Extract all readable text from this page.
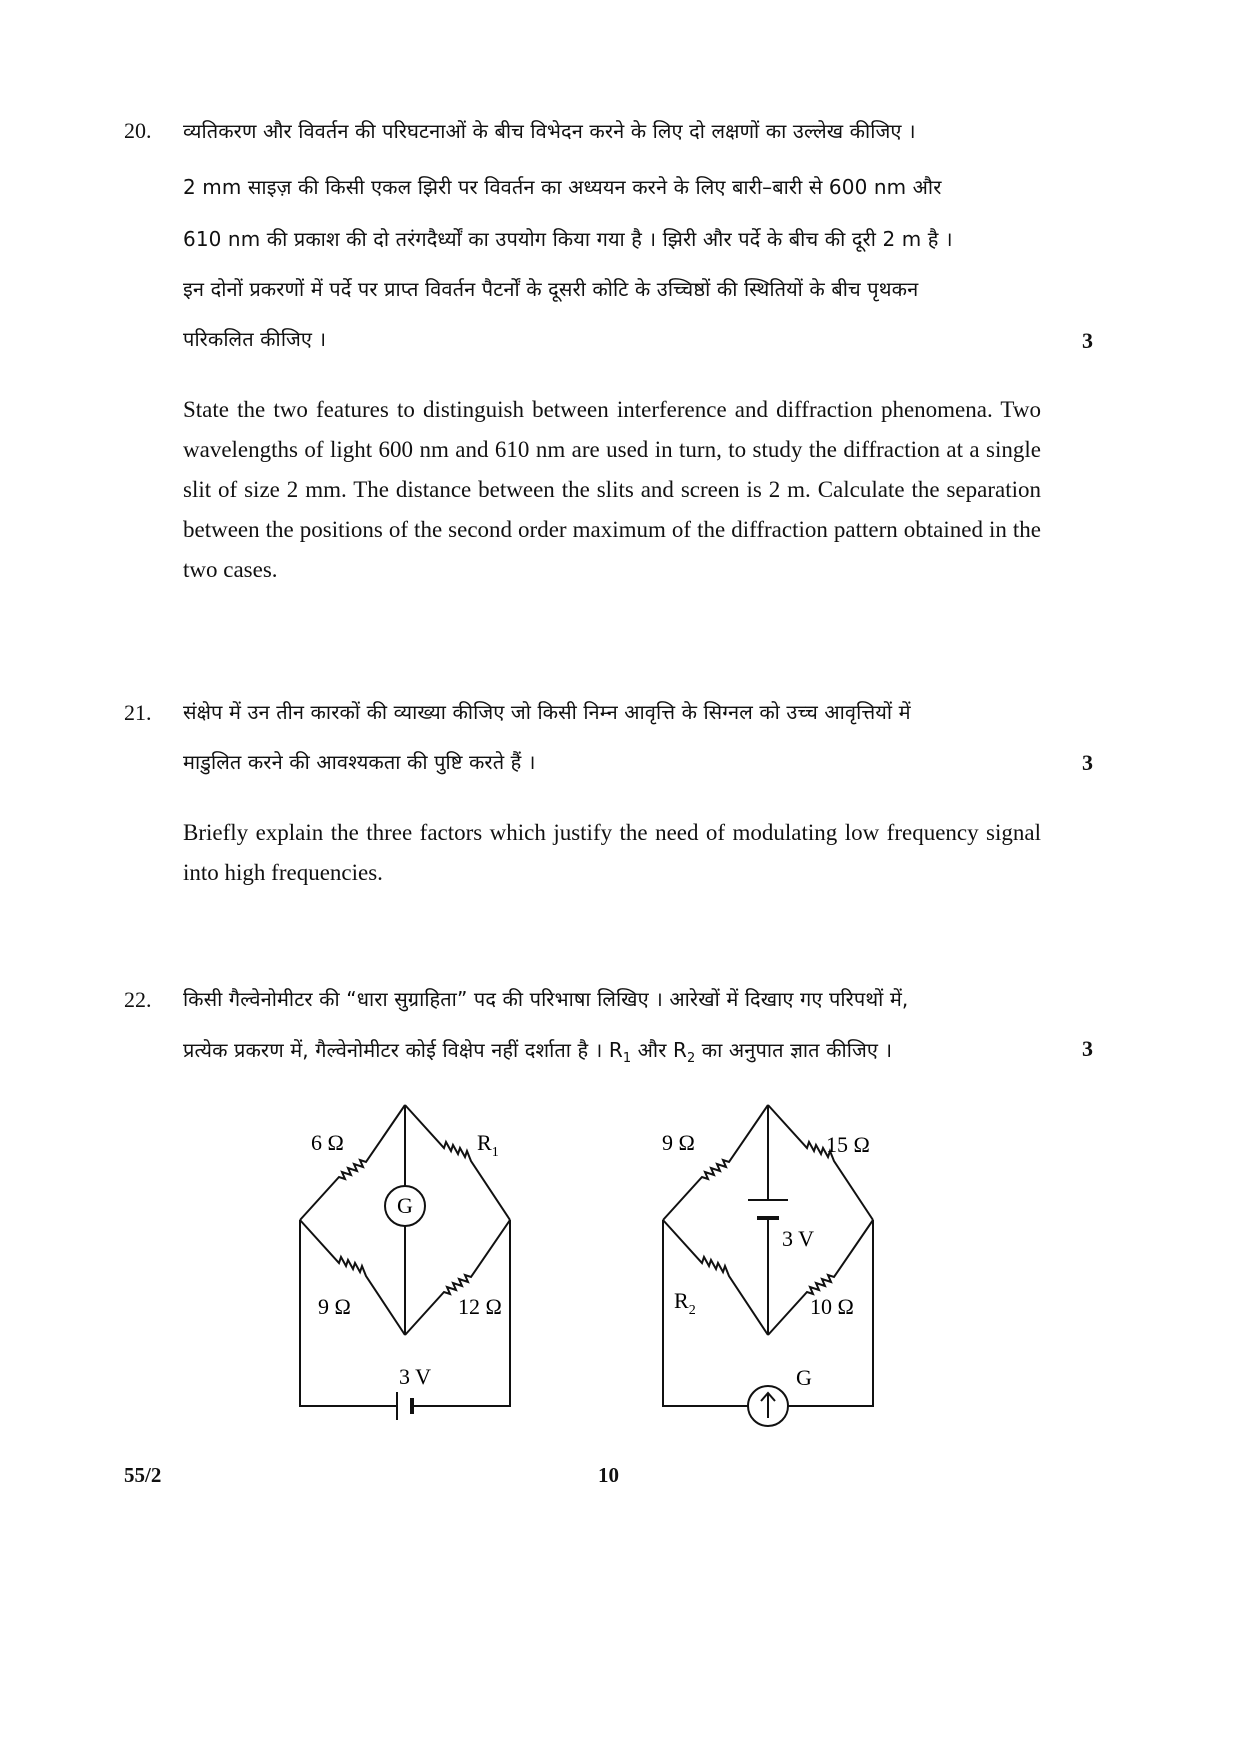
20. व्यतिकरण और विवर्तन की परिघटनाओं के बीच विभेदन करने के लिए दो लक्षणों का उल्लेख कीजिए ।
2 mm साइज़ की किसी एकल झिरी पर विवर्तन का अध्ययन करने के लिए बारी–बारी से 600 nm और
610 nm की प्रकाश की दो तरंगदैर्ध्यों का उपयोग किया गया है । झिरी और पर्दे के बीच की दूरी 2 m है ।
इन दोनों प्रकरणों में पर्दे पर प्राप्त विवर्तन पैटर्नों के दूसरी कोटि के उच्चिष्ठों की स्थितियों के बीच पृथकन
परिकलित कीजिए ।	3
State the two features to distinguish between interference and diffraction phenomena. Two wavelengths of light 600 nm and 610 nm are used in turn, to study the diffraction at a single slit of size 2 mm. The distance between the slits and screen is 2 m. Calculate the separation between the positions of the second order maximum of the diffraction pattern obtained in the two cases.
21. संक्षेप में उन तीन कारकों की व्याख्या कीजिए जो किसी निम्न आवृत्ति के सिग्नल को उच्च आवृत्तियों में
माडुलित करने की आवश्यकता की पुष्टि करते हैं ।	3
Briefly explain the three factors which justify the need of modulating low frequency signal into high frequencies.
22. किसी गैल्वेनोमीटर की “धारा सुग्राहिता” पद की परिभाषा लिखिए । आरेखों में दिखाए गए परिपथों में,
प्रत्येक प्रकरण में, गैल्वेनोमीटर कोई विक्षेप नहीं दर्शाता है । $R_1$ और $R_2$ का अनुपात ज्ञात कीजिए ।	3
6 Ω	$R_1$
G
9 Ω	12 Ω
3 V
9 Ω	15 Ω
3 V
$R_2$	10 Ω
G
55/2	10
